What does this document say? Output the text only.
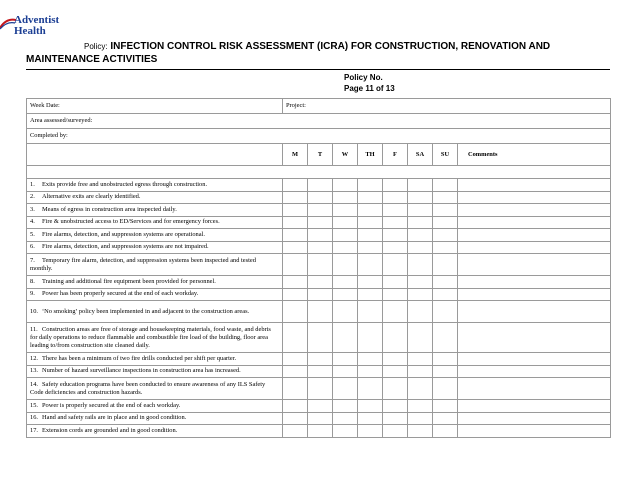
Adventist
Health
Policy: INFECTION CONTROL RISK ASSESSMENT (ICRA) FOR CONSTRUCTION, RENOVATION AND MAINTENANCE ACTIVITIES
Policy No.
Page 11 of 13
Week Date:	Project:							
Area assessed/surveyed:								
Completed by:								
	M	T	W	TH	F	SA	SU	Comments

1. Exits provide free and unobstructed egress through construction.								
2. Alternative exits are clearly identified.								
3. Means of egress in construction area inspected daily.								
4. Fire & unobstructed access to ED/Services and for emergency forces.								
5. Fire alarms, detection, and suppression systems are operational.								
6. Fire alarms, detection, and suppression systems are not impaired.								
7. Temporary fire alarm, detection, and suppression systems been inspected and tested monthly.								
8. Training and additional fire equipment been provided for personnel.								
9. Power has been properly secured at the end of each workday.								
10. ‘No smoking’ policy been implemented in and adjacent to the construction areas.								
11. Construction areas are free of storage and housekeeping materials, food waste, and debris for daily operations to reduce flammable and combustible fire load of the building, floor area leading to/from construction site cleaned daily.								
12. There has been a minimum of two fire drills conducted per shift per quarter.								
13. Number of hazard surveillance inspections in construction area has increased.								
14. Safety education programs have been conducted to ensure awareness of any ILS Safety Code deficiencies and construction hazards.								
15. Power is properly secured at the end of each workday.								
16. Hand and safety rails are in place and in good condition.								
17. Extension cords are grounded and in good condition.								
